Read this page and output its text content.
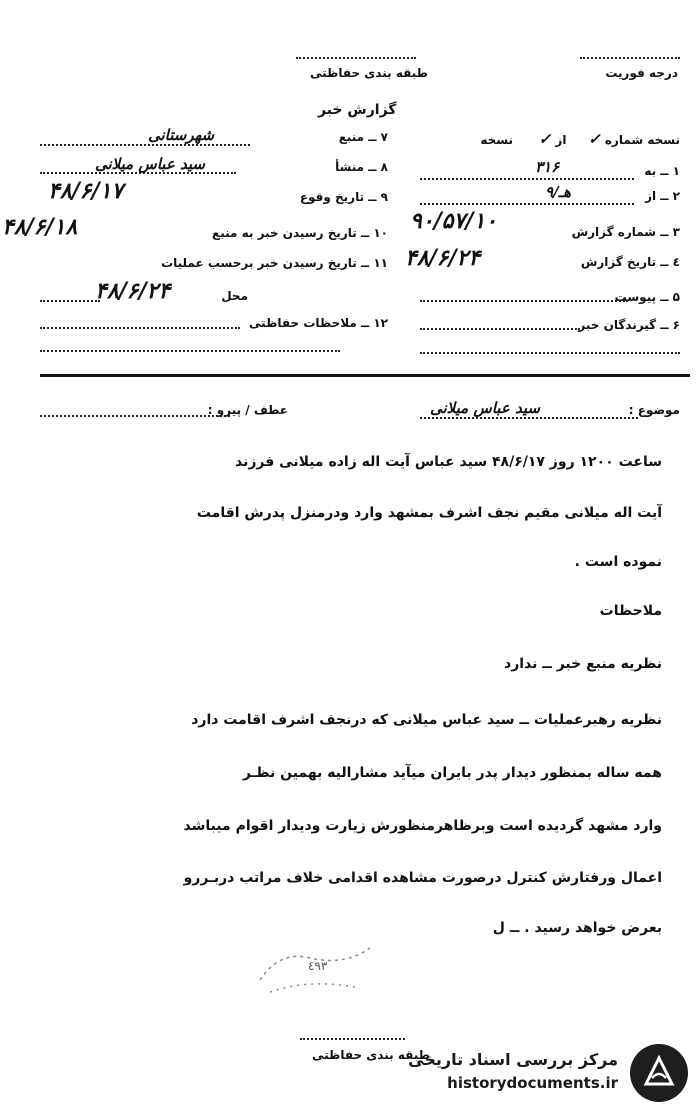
درجه فوریت
طبقه بندی حفاظتی
گزارش خبر
نسخه شماره ✓ از ✓ نسخه
۱ ــ به
۳۱۶
۲ ــ از
۹/هـ
۳ ــ شماره گزارش
۹۰/۵۷/۱۰
٤ ــ تاریخ گزارش
۴۸/۶/۲۴
۵ ــ پیوست
۶ ــ گیرندگان خبر
۷ ــ منبع
شهرستانی
۸ ــ منشأ
سید عباس میلانی
۹ ــ تاریخ وقوع
۴۸/۶/۱۷
۱۰ ــ تاریخ رسیدن خبر به منبع
۴۸/۶/۱۸
۱۱ ــ تاریخ رسیدن خبر برحسب عملیات
محل
۴۸/۶/۲۴
۱۲ ــ ملاحظات حفاظتی
موضوع :
سید عباس میلانی
عطف / پیرو :
ساعت ۱۲۰۰ روز ۴۸/۶/۱۷ سید عباس آیت اله زاده میلانی فرزند
آیت اله میلانی مقیم نجف اشرف بمشهد وارد ودرمنزل پدرش اقامت
نموده است .
ملاحظات
نظریه منبع خبر ــ ندارد
نظریه رهبرعملیات ــ سید عباس میلانی که درنجف اشرف اقامت دارد
همه ساله بمنظور دیدار پدر بایران میآید مشارالیه بهمین نظـر
وارد مشهد گردیده است وبرظاهرمنظورش زیارت ودیدار اقوام میباشد
اعمال ورفتارش کنترل درصورت مشاهده اقدامی خلاف مراتب دربـررو
بعرض خواهد رسید . ــ ل
٤٩٣
طبقه بندی حفاظتی
مرکز بررسی اسناد تاریخی
historydocuments.ir
